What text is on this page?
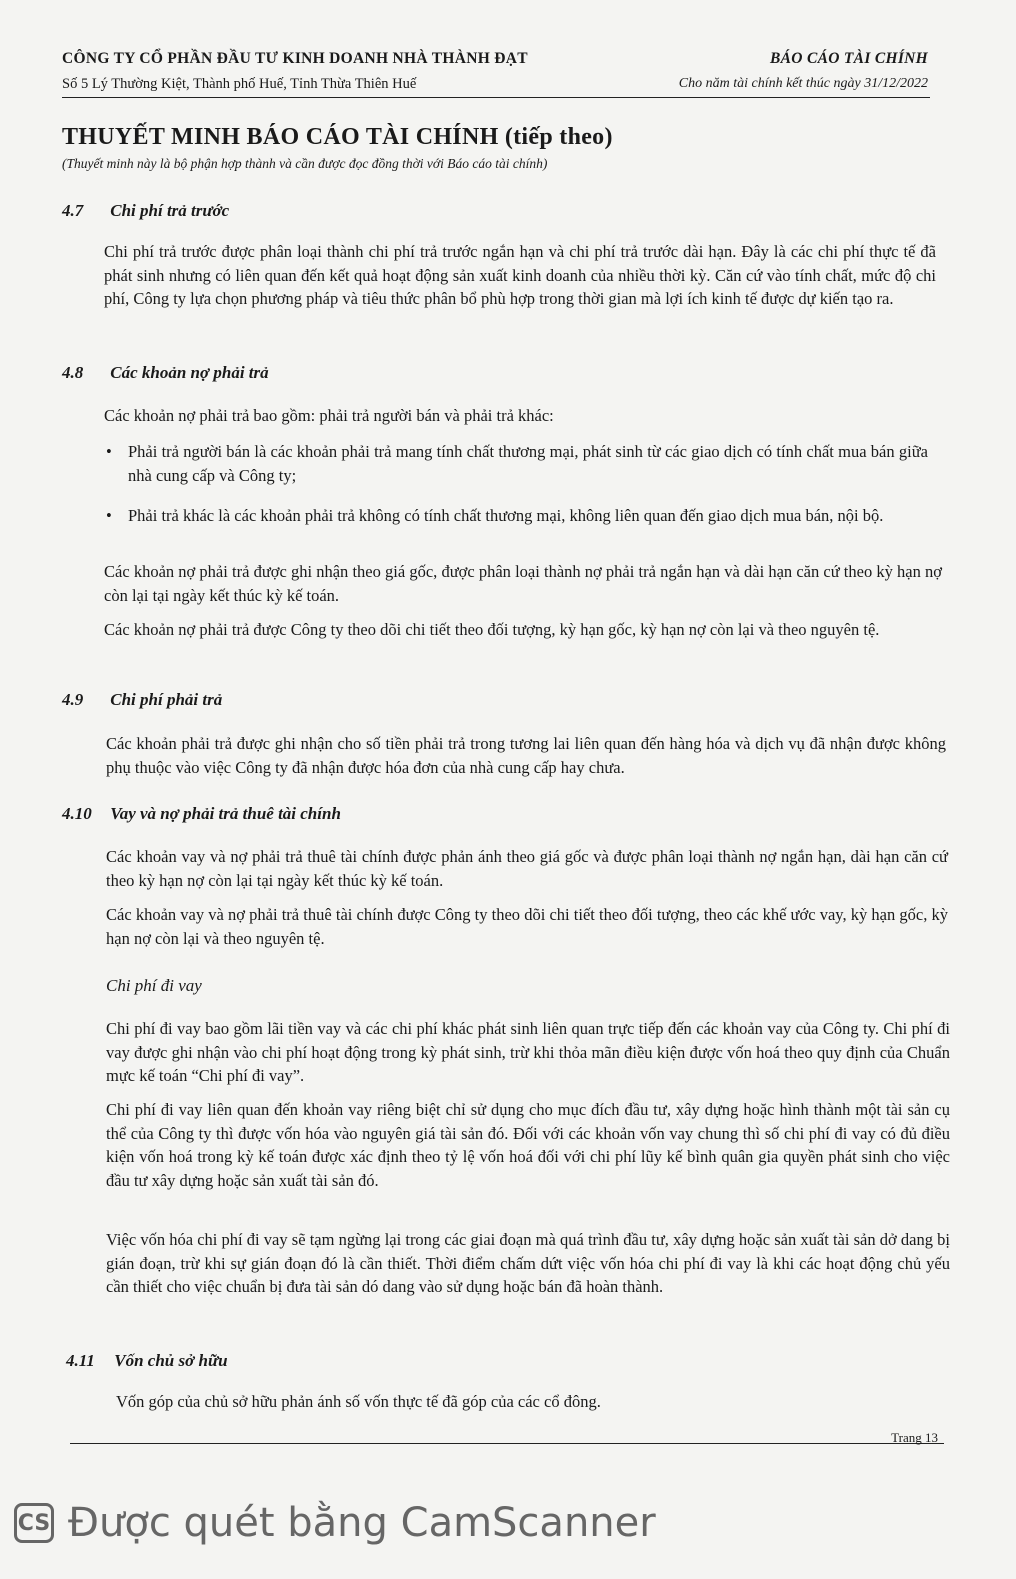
CÔNG TY CỔ PHẦN ĐẦU TƯ KINH DOANH NHÀ THÀNH ĐẠT	BÁO CÁO TÀI CHÍNH
Số 5 Lý Thường Kiệt, Thành phố Huế, Tỉnh Thừa Thiên Huế	Cho năm tài chính kết thúc ngày 31/12/2022
THUYẾT MINH BÁO CÁO TÀI CHÍNH (tiếp theo)
(Thuyết minh này là bộ phận hợp thành và cần được đọc đồng thời với Báo cáo tài chính)
4.7 Chi phí trả trước

Chi phí trả trước được phân loại thành chi phí trả trước ngắn hạn và chi phí trả trước dài hạn. Đây là các chi phí thực tế đã phát sinh nhưng có liên quan đến kết quả hoạt động sản xuất kinh doanh của nhiều thời kỳ. Căn cứ vào tính chất, mức độ chi phí, Công ty lựa chọn phương pháp và tiêu thức phân bổ phù hợp trong thời gian mà lợi ích kinh tế được dự kiến tạo ra.

4.8 Các khoản nợ phải trả

Các khoản nợ phải trả bao gồm: phải trả người bán và phải trả khác:

• Phải trả người bán là các khoản phải trả mang tính chất thương mại, phát sinh từ các giao dịch có tính chất mua bán giữa nhà cung cấp và Công ty;
• Phải trả khác là các khoản phải trả không có tính chất thương mại, không liên quan đến giao dịch mua bán, nội bộ.

Các khoản nợ phải trả được ghi nhận theo giá gốc, được phân loại thành nợ phải trả ngắn hạn và dài hạn căn cứ theo kỳ hạn nợ còn lại tại ngày kết thúc kỳ kế toán.

Các khoản nợ phải trả được Công ty theo dõi chi tiết theo đối tượng, kỳ hạn gốc, kỳ hạn nợ còn lại và theo nguyên tệ.

4.9 Chi phí phải trả

Các khoản phải trả được ghi nhận cho số tiền phải trả trong tương lai liên quan đến hàng hóa và dịch vụ đã nhận được không phụ thuộc vào việc Công ty đã nhận được hóa đơn của nhà cung cấp hay chưa.

4.10 Vay và nợ phải trả thuê tài chính

Các khoản vay và nợ phải trả thuê tài chính được phản ánh theo giá gốc và được phân loại thành nợ ngắn hạn, dài hạn căn cứ theo kỳ hạn nợ còn lại tại ngày kết thúc kỳ kế toán.

Các khoản vay và nợ phải trả thuê tài chính được Công ty theo dõi chi tiết theo đối tượng, theo các khế ước vay, kỳ hạn gốc, kỳ hạn nợ còn lại và theo nguyên tệ.

Chi phí đi vay

Chi phí đi vay bao gồm lãi tiền vay và các chi phí khác phát sinh liên quan trực tiếp đến các khoản vay của Công ty. Chi phí đi vay được ghi nhận vào chi phí hoạt động trong kỳ phát sinh, trừ khi thỏa mãn điều kiện được vốn hoá theo quy định của Chuẩn mực kế toán “Chi phí đi vay”.

Chi phí đi vay liên quan đến khoản vay riêng biệt chỉ sử dụng cho mục đích đầu tư, xây dựng hoặc hình thành một tài sản cụ thể của Công ty thì được vốn hóa vào nguyên giá tài sản đó. Đối với các khoản vốn vay chung thì số chi phí đi vay có đủ điều kiện vốn hoá trong kỳ kế toán được xác định theo tỷ lệ vốn hoá đối với chi phí lũy kế bình quân gia quyền phát sinh cho việc đầu tư xây dựng hoặc sản xuất tài sản đó.

Việc vốn hóa chi phí đi vay sẽ tạm ngừng lại trong các giai đoạn mà quá trình đầu tư, xây dựng hoặc sản xuất tài sản dở dang bị gián đoạn, trừ khi sự gián đoạn đó là cần thiết. Thời điểm chấm dứt việc vốn hóa chi phí đi vay là khi các hoạt động chủ yếu cần thiết cho việc chuẩn bị đưa tài sản dó dang vào sử dụng hoặc bán đã hoàn thành.

4.11 Vốn chủ sở hữu

Vốn góp của chủ sở hữu phản ánh số vốn thực tế đã góp của các cổ đông.

Trang 13
CS Được quét bằng CamScanner
